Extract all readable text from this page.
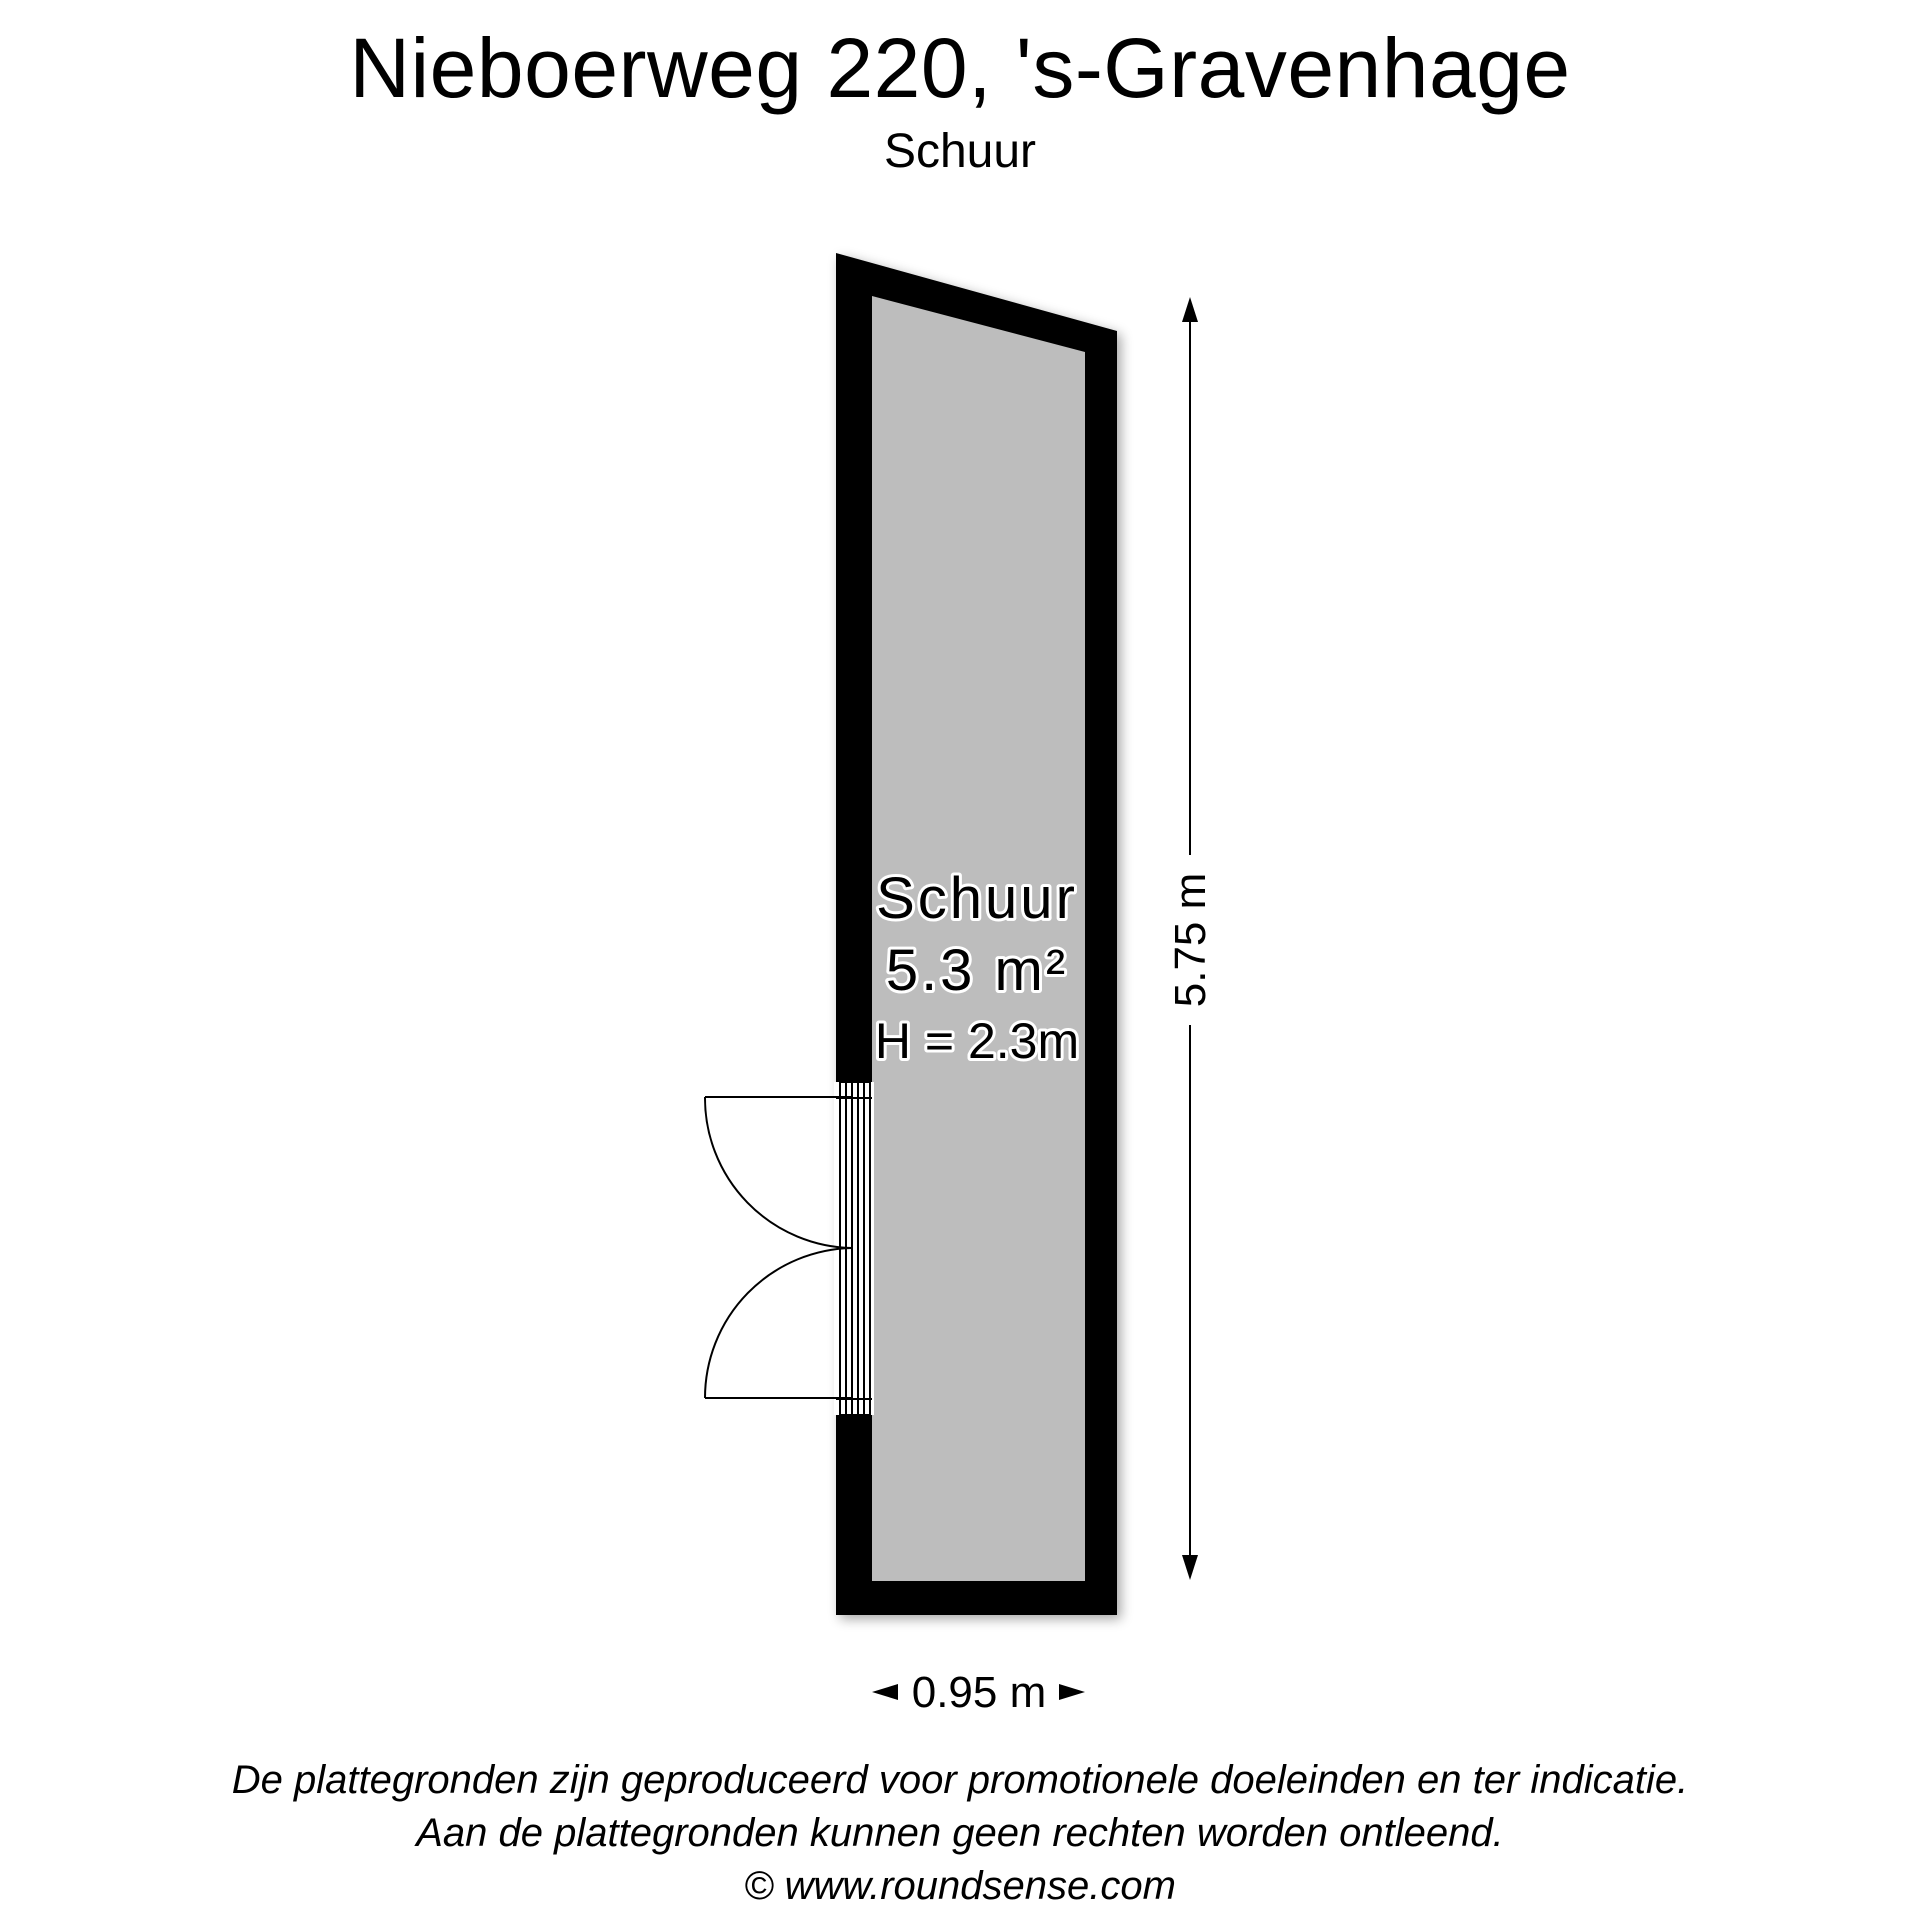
Nieboerweg 220, 's-Gravenhage
Schuur
Schuur
5.3 m²
H = 2.3m
5.75 m
0.95 m
De plattegronden zijn geproduceerd voor promotionele doeleinden en ter indicatie.
Aan de plattegronden kunnen geen rechten worden ontleend.
© www.roundsense.com
